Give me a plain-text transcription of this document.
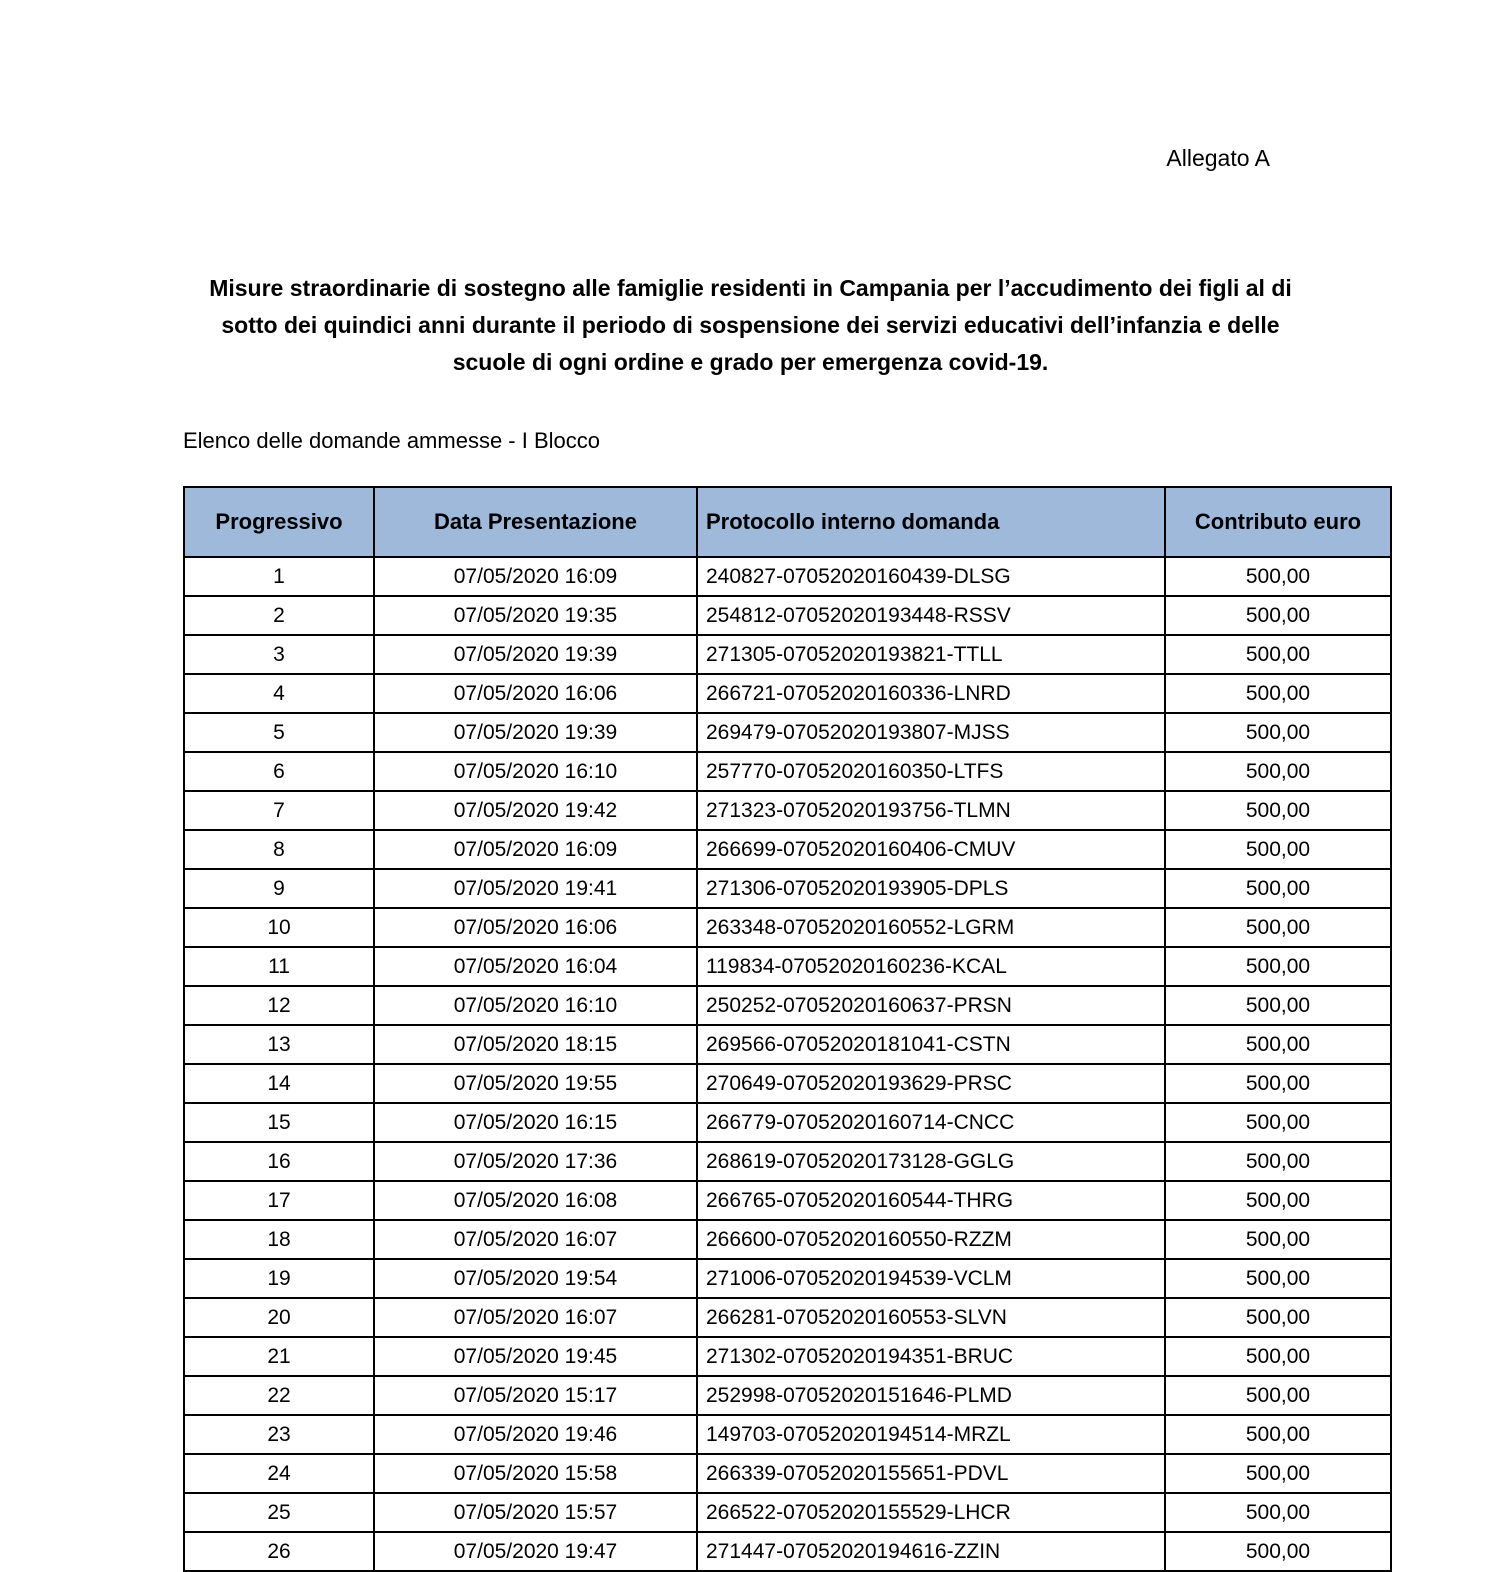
Allegato A
Misure straordinarie di sostegno alle famiglie residenti in Campania per l’accudimento dei figli al di sotto dei quindici anni durante il periodo di sospensione dei servizi educativi dell’infanzia e delle scuole di ogni ordine e grado per emergenza covid-19.
Elenco delle domande ammesse - I Blocco
Progressivo	Data Presentazione	Protocollo interno domanda	Contributo euro
1	07/05/2020 16:09	240827-07052020160439-DLSG	500,00
2	07/05/2020 19:35	254812-07052020193448-RSSV	500,00
3	07/05/2020 19:39	271305-07052020193821-TTLL	500,00
4	07/05/2020 16:06	266721-07052020160336-LNRD	500,00
5	07/05/2020 19:39	269479-07052020193807-MJSS	500,00
6	07/05/2020 16:10	257770-07052020160350-LTFS	500,00
7	07/05/2020 19:42	271323-07052020193756-TLMN	500,00
8	07/05/2020 16:09	266699-07052020160406-CMUV	500,00
9	07/05/2020 19:41	271306-07052020193905-DPLS	500,00
10	07/05/2020 16:06	263348-07052020160552-LGRM	500,00
11	07/05/2020 16:04	119834-07052020160236-KCAL	500,00
12	07/05/2020 16:10	250252-07052020160637-PRSN	500,00
13	07/05/2020 18:15	269566-07052020181041-CSTN	500,00
14	07/05/2020 19:55	270649-07052020193629-PRSC	500,00
15	07/05/2020 16:15	266779-07052020160714-CNCC	500,00
16	07/05/2020 17:36	268619-07052020173128-GGLG	500,00
17	07/05/2020 16:08	266765-07052020160544-THRG	500,00
18	07/05/2020 16:07	266600-07052020160550-RZZM	500,00
19	07/05/2020 19:54	271006-07052020194539-VCLM	500,00
20	07/05/2020 16:07	266281-07052020160553-SLVN	500,00
21	07/05/2020 19:45	271302-07052020194351-BRUC	500,00
22	07/05/2020 15:17	252998-07052020151646-PLMD	500,00
23	07/05/2020 19:46	149703-07052020194514-MRZL	500,00
24	07/05/2020 15:58	266339-07052020155651-PDVL	500,00
25	07/05/2020 15:57	266522-07052020155529-LHCR	500,00
26	07/05/2020 19:47	271447-07052020194616-ZZIN	500,00
